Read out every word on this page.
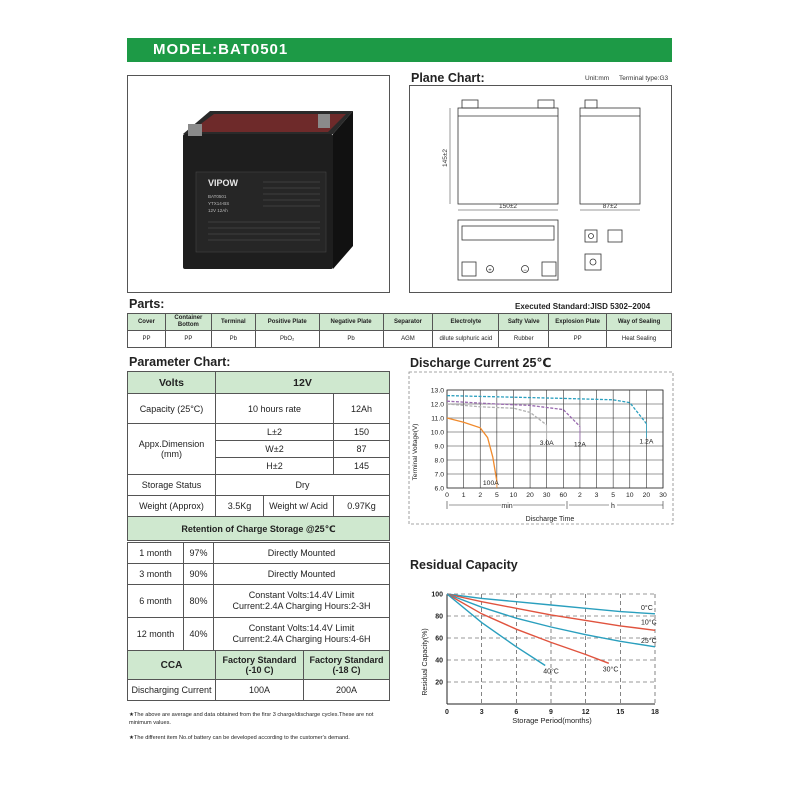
MODEL:BAT0501
VIPOW
BAT0501
YTX14-BS
12V 12Ah
Plane Chart:	Unit:mm Terminal type:G3
145±2
150±2	87±2
+	−
Parts:	Executed Standard:JISD 5302–2004
Cover	Container Bottom	Terminal	Positive Plate	Negative Plate	Separator	Electrolyte	Safty Valve	Explosion Plate	Way of Sealing
PP	PP	Pb	PbO₂	Pb	AGM	dilute sulphuric acid	Rubber	PP	Heat Sealing
Parameter Chart:
Volts	12V		
Capacity (25°C)	10 hours rate		12Ah
Appx.Dimension (mm)	L±2		150
	W±2		87
	H±2		145
Storage Status	Dry		
Weight (Approx)	3.5Kg	Weight w/ Acid	0.97Kg
Retention of Charge Storage @25℃			
1 month	97%	Directly Mounted
3 month	90%	Directly Mounted
6 month	80%	Constant Volts:14.4V Limit
Current:2.4A Charging Hours:2-3H

12 month	40%	Constant Volts:14.4V Limit
Current:2.4A Charging Hours:4-6H
CCA	Factory Standard (-10 C)	Factory Standard (-18 C)
Discharging Current	100A	200A
★The above are average and data obtained from the firsr 3 charge/discharge cycles.These are not minimum values.
★The different item No.of battery can be developed according to the customer's demand.
Discharge Current 25℃
13.0
12.0
11.0
10.0
9.0
8.0
7.0
6.0
0 1 2 5 10 20 30 60 2 3 5 10 20 30
100A
3.0A	12A	1.2A
Terminal Voltage(V)
Discharge Time
min	h
Residual Capacity
100
80
60
40
20
0	3	6	9	12	15	18
0°C
10°C
25°C
30°C
40°C
Residual Capacity(%)
Storage Period(months)
